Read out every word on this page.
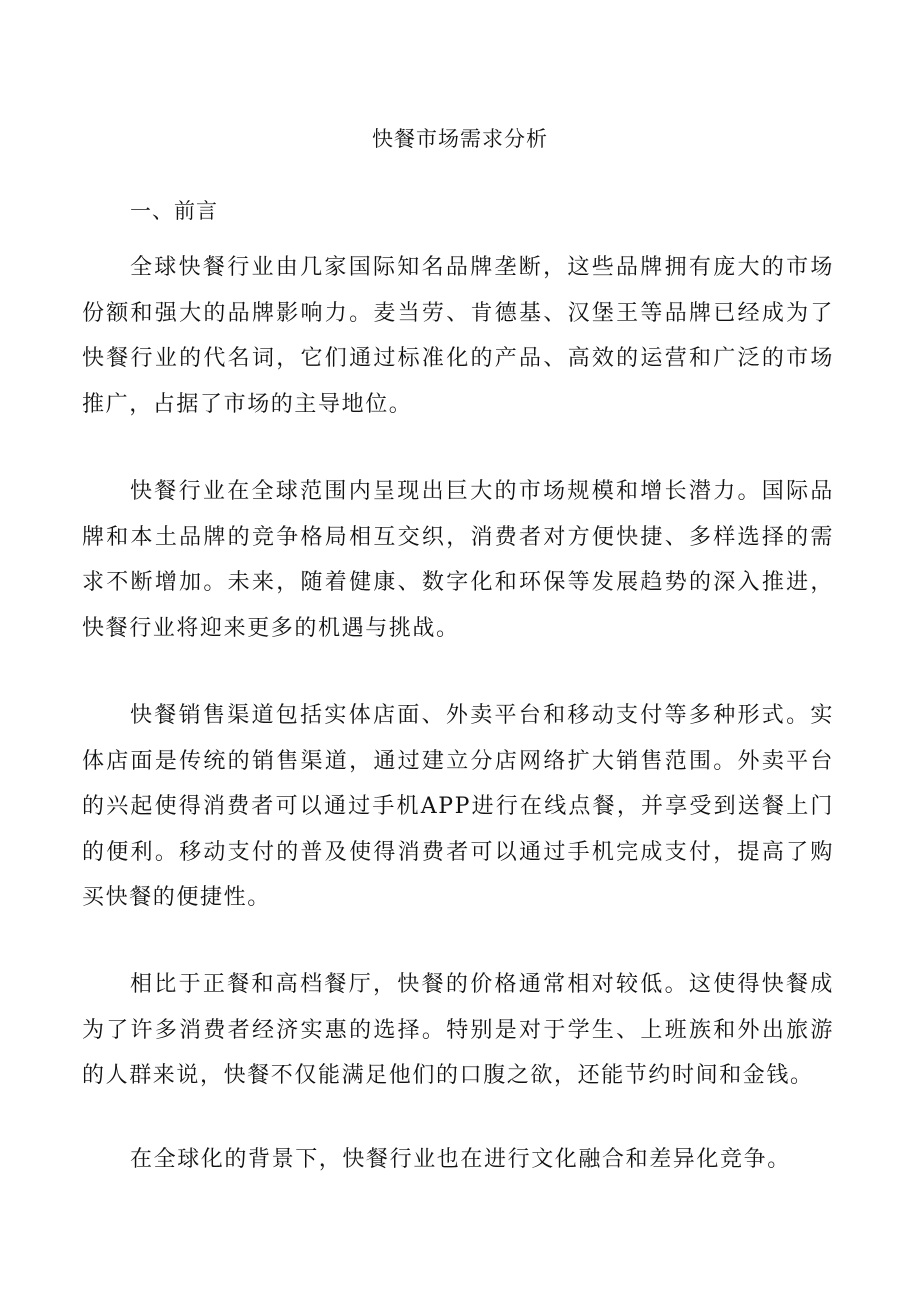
快餐市场需求分析
一、前言

全球快餐行业由几家国际知名品牌垄断，这些品牌拥有庞大的市场份额和强大的品牌影响力。麦当劳、肯德基、汉堡王等品牌已经成为了快餐行业的代名词，它们通过标准化的产品、高效的运营和广泛的市场推广，占据了市场的主导地位。

快餐行业在全球范围内呈现出巨大的市场规模和增长潜力。国际品牌和本土品牌的竞争格局相互交织，消费者对方便快捷、多样选择的需求不断增加。未来，随着健康、数字化和环保等发展趋势的深入推进，快餐行业将迎来更多的机遇与挑战。

快餐销售渠道包括实体店面、外卖平台和移动支付等多种形式。实体店面是传统的销售渠道，通过建立分店网络扩大销售范围。外卖平台的兴起使得消费者可以通过手机APP进行在线点餐，并享受到送餐上门的便利。移动支付的普及使得消费者可以通过手机完成支付，提高了购买快餐的便捷性。

相比于正餐和高档餐厅，快餐的价格通常相对较低。这使得快餐成为了许多消费者经济实惠的选择。特别是对于学生、上班族和外出旅游的人群来说，快餐不仅能满足他们的口腹之欲，还能节约时间和金钱。

在全球化的背景下，快餐行业也在进行文化融合和差异化竞争。
